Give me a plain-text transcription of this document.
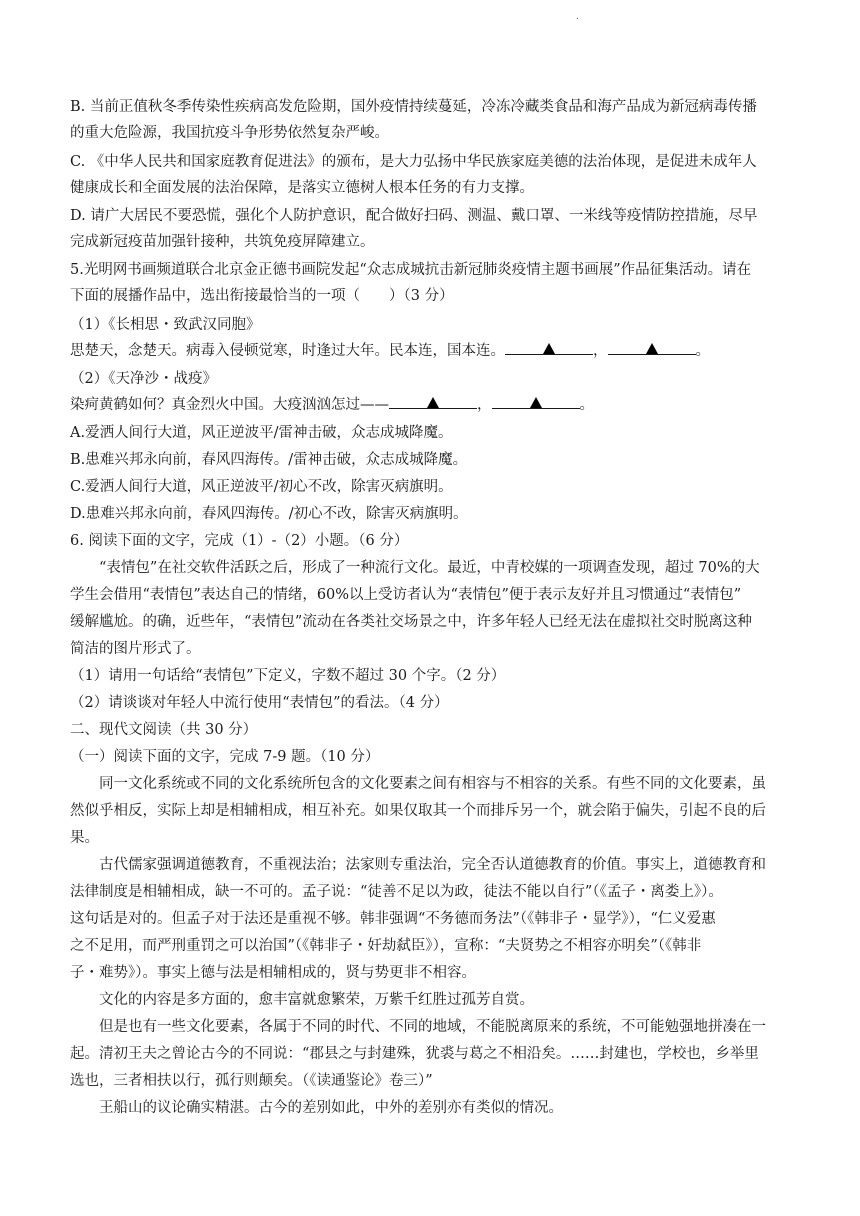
.

B. 当前正值秋冬季传染性疾病高发危险期，国外疫情持续蔓延，冷冻冷藏类食品和海产品成为新冠病毒传播
的重大危险源，我国抗疫斗争形势依然复杂严峻。

C. 《中华人民共和国家庭教育促进法》的颁布，是大力弘扬中华民族家庭美德的法治体现，是促进未成年人
健康成长和全面发展的法治保障，是落实立德树人根本任务的有力支撑。

D. 请广大居民不要恐慌，强化个人防护意识，配合做好扫码、测温、戴口罩、一米线等疫情防控措施，尽早
完成新冠疫苗加强针接种，共筑免疫屏障建立。

5.光明网书画频道联合北京金正德书画院发起“众志成城抗击新冠肺炎疫情主题书画展”作品征集活动。请在
下面的展播作品中，选出衔接最恰当的一项（　　）（3 分）

（1）《长相思・致武汉同胞》

思楚天，念楚天。病毒入侵顿觉寒，时逢过大年。民本连，国本连。	，	。

（2）《天净沙・战疫》

染疴黄鹤如何？真金烈火中国。大疫汹汹怎过——	，	。

A.爱洒人间行大道，风正逆波平/雷神击破，众志成城降魔。

B.患难兴邦永向前，春风四海传。/雷神击破，众志成城降魔。

C.爱洒人间行大道，风正逆波平/初心不改，除害灭病旗明。

D.患难兴邦永向前，春风四海传。/初心不改，除害灭病旗明。

6. 阅读下面的文字，完成（1）-（2）小题。（6 分）

“表情包”在社交软件活跃之后，形成了一种流行文化。最近，中青校媒的一项调查发现，超过 70%的大
学生会借用“表情包”表达自己的情绪，60%以上受访者认为“表情包”便于表示友好并且习惯通过“表情包”
缓解尴尬。的确，近些年，“表情包”流动在各类社交场景之中，许多年轻人已经无法在虚拟社交时脱离这种
简洁的图片形式了。

（1）请用一句话给“表情包”下定义，字数不超过 30 个字。（2 分）

（2）请谈谈对年轻人中流行使用“表情包”的看法。（4 分）

二、现代文阅读（共 30 分）

（一）阅读下面的文字，完成 7-9 题。（10 分）

同一文化系统或不同的文化系统所包含的文化要素之间有相容与不相容的关系。有些不同的文化要素，虽
然似乎相反，实际上却是相辅相成，相互补充。如果仅取其一个而排斥另一个，就会陷于偏失，引起不良的后
果。

古代儒家强调道德教育，不重视法治；法家则专重法治，完全否认道德教育的价值。事实上，道德教育和
法律制度是相辅相成，缺一不可的。孟子说：“徒善不足以为政，徒法不能以自行”（《孟子・离娄上》）。
这句话是对的。但孟子对于法还是重视不够。韩非强调“不务德而务法”（《韩非子・显学》），“仁义爱惠
之不足用，而严刑重罚之可以治国”（《韩非子・奸劫弑臣》），宣称：“夫贤势之不相容亦明矣”（《韩非
子・难势》）。事实上德与法是相辅相成的，贤与势更非不相容。

文化的内容是多方面的，愈丰富就愈繁荣，万紫千红胜过孤芳自赏。

但是也有一些文化要素，各属于不同的时代、不同的地域，不能脱离原来的系统，不可能勉强地拼凑在一
起。清初王夫之曾论古今的不同说：“郡县之与封建殊，犹裘与葛之不相沿矣。……封建也，学校也，乡举里
选也，三者相扶以行，孤行则颠矣。（《读通鉴论》卷三）”

王船山的议论确实精湛。古今的差别如此，中外的差别亦有类似的情况。
